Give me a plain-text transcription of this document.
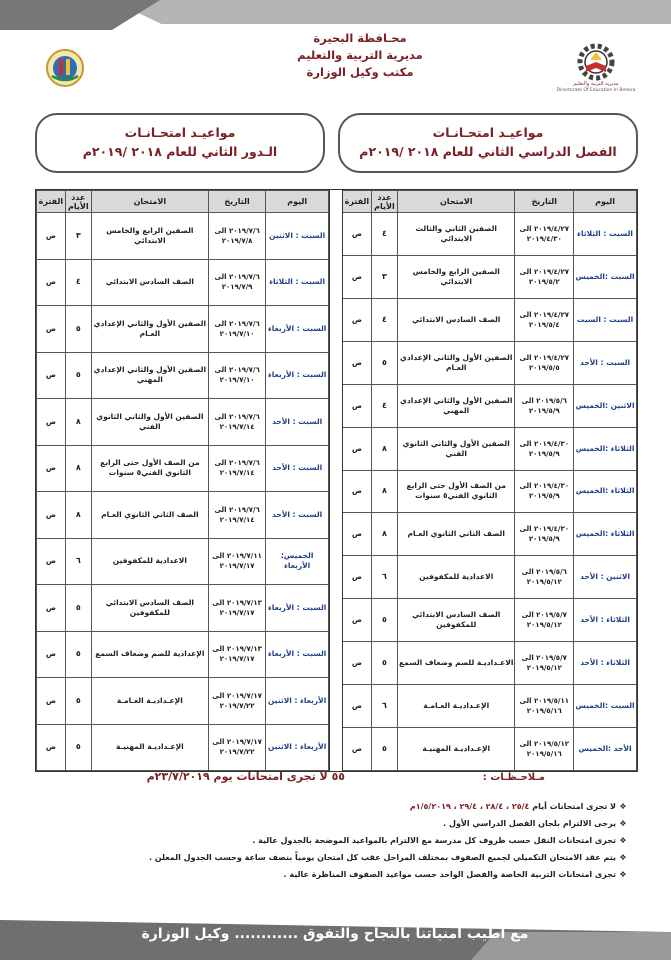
محـافظة البحيرة
مديرية التربية والتعليم
مكتب وكيل الوزارة
مديرية التربية والتعليم
Directorate Of Education In Behera
مواعيـد امتحـانـات
الفصل الدراسي الثاني للعام ٢٠١٨ /٢٠١٩م
مواعيـد امتحـانـات
الـدور الثاني للعام ٢٠١٨ /٢٠١٩م
اليوم	التاريخ	الامتحان	عدد الأيام	الفترة
السبت : الثلاثاء	٢٠١٩/٤/٢٧ الى ٢٠١٩/٤/٣٠	الصفين الثاني والثالث الابتدائي	٤	ص
السبت :الخميس	٢٠١٩/٤/٢٧ الى ٢٠١٩/٥/٢	الصفين الرابع والخامس الابتدائي	٣	ص
السبت : السبت	٢٠١٩/٤/٢٧ الى ٢٠١٩/٥/٤	الصف السادس الابتدائي	٤	ص
السبت : الأحد	٢٠١٩/٤/٢٧ الى ٢٠١٩/٥/٥	الصفين الأول والثاني الإعدادي العـام	٥	ص
الاثنين :الخميس	٢٠١٩/٥/٦ الى ٢٠١٩/٥/٩	الصفين الأول والثاني الإعدادي المهني	٤	ص
الثلاثاء :الخميس	٢٠١٩/٤/٣٠ الى ٢٠١٩/٥/٩	الصفين الأول والثاني الثانوي الفني	٨	ص
الثلاثاء :الخميس	٢٠١٩/٤/٣٠ الى ٢٠١٩/٥/٩	من الصف الأول حتى الرابع الثانوي الفني٥ سنوات	٨	ص
الثلاثاء :الخميس	٢٠١٩/٤/٣٠ الى ٢٠١٩/٥/٩	الصف الثاني الثانوي العـام	٨	ص
الاثنين : الأحد	٢٠١٩/٥/٦ الى ٢٠١٩/٥/١٢	الاعدادية للمكفوفين	٦	ص
الثلاثاء : الأحد	٢٠١٩/٥/٧ الى ٢٠١٩/٥/١٢	الصف السادس الابتدائي للمكفوفين	٥	ص
الثلاثاء : الأحد	٢٠١٩/٥/٧ الى ٢٠١٩/٥/١٢	الاعـداديـة للصم وضعاف السمع	٥	ص
السبت :الخميس	٢٠١٩/٥/١١ الى ٢٠١٩/٥/١٦	الإعـداديـة العـامـة	٦	ص
الأحد :الخميس	٢٠١٩/٥/١٢ الى ٢٠١٩/٥/١٦	الإعـداديـة المهنيـة	٥	ص
اليوم	التاريخ	الامتحان	عدد الأيام	الفترة
السبت : الاثنين	٢٠١٩/٧/٦ الى ٢٠١٩/٧/٨	الصفين الرابع والخامس الابتدائي	٣	ص
السبت : الثلاثاء	٢٠١٩/٧/٦ الى ٢٠١٩/٧/٩	الصف السادس الابتدائي	٤	ص
السبت : الأربعاء	٢٠١٩/٧/٦ الى ٢٠١٩/٧/١٠	الصفين الأول والثاني الإعدادي العـام	٥	ص
السبت : الأربعاء	٢٠١٩/٧/٦ الى ٢٠١٩/٧/١٠	الصفين الأول والثاني الإعدادي المهني	٥	ص
السبت : الأحد	٢٠١٩/٧/٦ الى ٢٠١٩/٧/١٤	الصفين الأول والثاني الثانوي الفني	٨	ص
السبت : الأحد	٢٠١٩/٧/٦ الى ٢٠١٩/٧/١٤	من الصف الأول حتى الرابع الثانوي الفني٥ سنوات	٨	ص
السبت : الأحد	٢٠١٩/٧/٦ الى ٢٠١٩/٧/١٤	الصف الثاني الثانوي العـام	٨	ص
الخميس: الأربعاء	٢٠١٩/٧/١١ الى ٢٠١٩/٧/١٧	الاعدادية للمكفوفين	٦	ص
السبت : الأربعاء	٢٠١٩/٧/١٣ الى ٢٠١٩/٧/١٧	الصف السادس الابتدائي للمكفوفين	٥	ص
السبت : الأربعاء	٢٠١٩/٧/١٣ الى ٢٠١٩/٧/١٧	الإعدادية للصم وضعاف السمع	٥	ص
الأربعاء : الاثنين	٢٠١٩/٧/١٧ الى ٢٠١٩/٧/٢٢	الإعـداديـة العـامـة	٥	ص
الأربعاء : الاثنين	٢٠١٩/٧/١٧ الى ٢٠١٩/٧/٢٢	الإعـداديـة المهنيـة	٥	ص
مـلاحـظـات :
٥٥ لا تجرى امتحانات يوم ٢٣/٧/٢٠١٩م
❖
لا تجرى امتحانات أيام ٢٥/٤ ، ٢٨/٤ ، ٢٩/٤ ، ١/٥/٢٠١٩م
❖
يرجى الالتزام بلجان الفصل الدراسي الأول .
❖
تجرى امتحانات النقل حسب ظروف كل مدرسة مع الالتزام بالمواعيد الموضحة بالجدول عالية .
❖
يتم عقد الامتحان التكميلي لجميع الصفوف بمختلف المراحل عقب كل امتحان يومياً بنصف ساعة وحسب الجدول المعلن .
❖
تجرى امتحانات التربية الخاصة والفصل الواحد حسب مواعيد الصفوف المناظرة عالية .
مع أطيب أمنياتنا بالنجاح والتفوق ............ وكيل الوزارة
